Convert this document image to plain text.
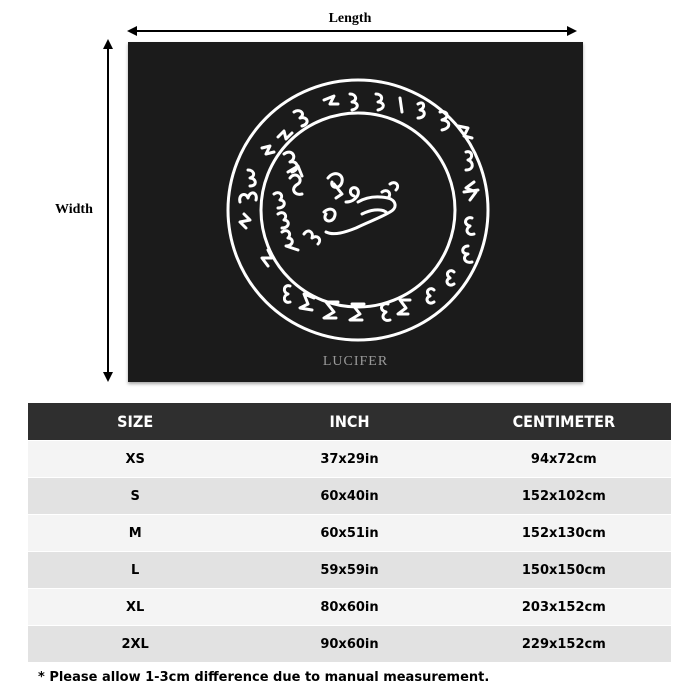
Length
Width
LUCIFER
SIZE	INCH	CENTIMETER
XS	37x29in	94x72cm
S	60x40in	152x102cm
M	60x51in	152x130cm
L	59x59in	150x150cm
XL	80x60in	203x152cm
2XL	90x60in	229x152cm
* Please allow 1-3cm difference due to manual measurement.
